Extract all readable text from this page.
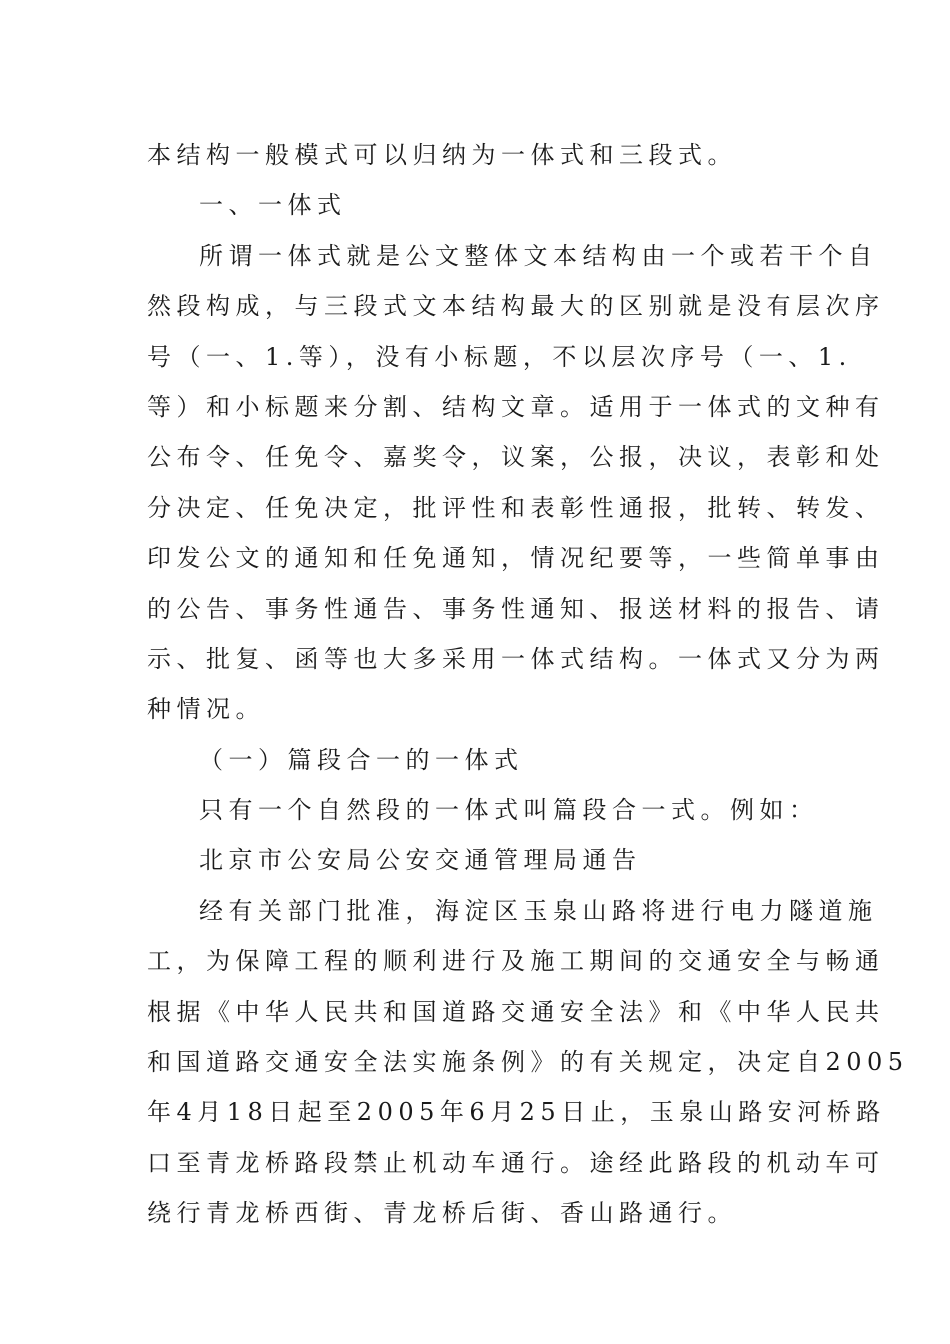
本结构一般模式可以归纳为一体式和三段式。
一、一体式
所谓一体式就是公文整体文本结构由一个或若干个自
然段构成，与三段式文本结构最大的区别就是没有层次序
号（一、1.等），没有小标题，不以层次序号（一、1.
等）和小标题来分割、结构文章。适用于一体式的文种有
公布令、任免令、嘉奖令，议案，公报，决议，表彰和处
分决定、任免决定，批评性和表彰性通报，批转、转发、
印发公文的通知和任免通知，情况纪要等，一些简单事由
的公告、事务性通告、事务性通知、报送材料的报告、请
示、批复、函等也大多采用一体式结构。一体式又分为两
种情况。
（一）篇段合一的一体式
只有一个自然段的一体式叫篇段合一式。例如：
北京市公安局公安交通管理局通告
经有关部门批准，海淀区玉泉山路将进行电力隧道施
工，为保障工程的顺利进行及施工期间的交通安全与畅通
根据《中华人民共和国道路交通安全法》和《中华人民共
和国道路交通安全法实施条例》的有关规定，决定自2005
年4月18日起至2005年6月25日止，玉泉山路安河桥路
口至青龙桥路段禁止机动车通行。途经此路段的机动车可
绕行青龙桥西街、青龙桥后街、香山路通行。
